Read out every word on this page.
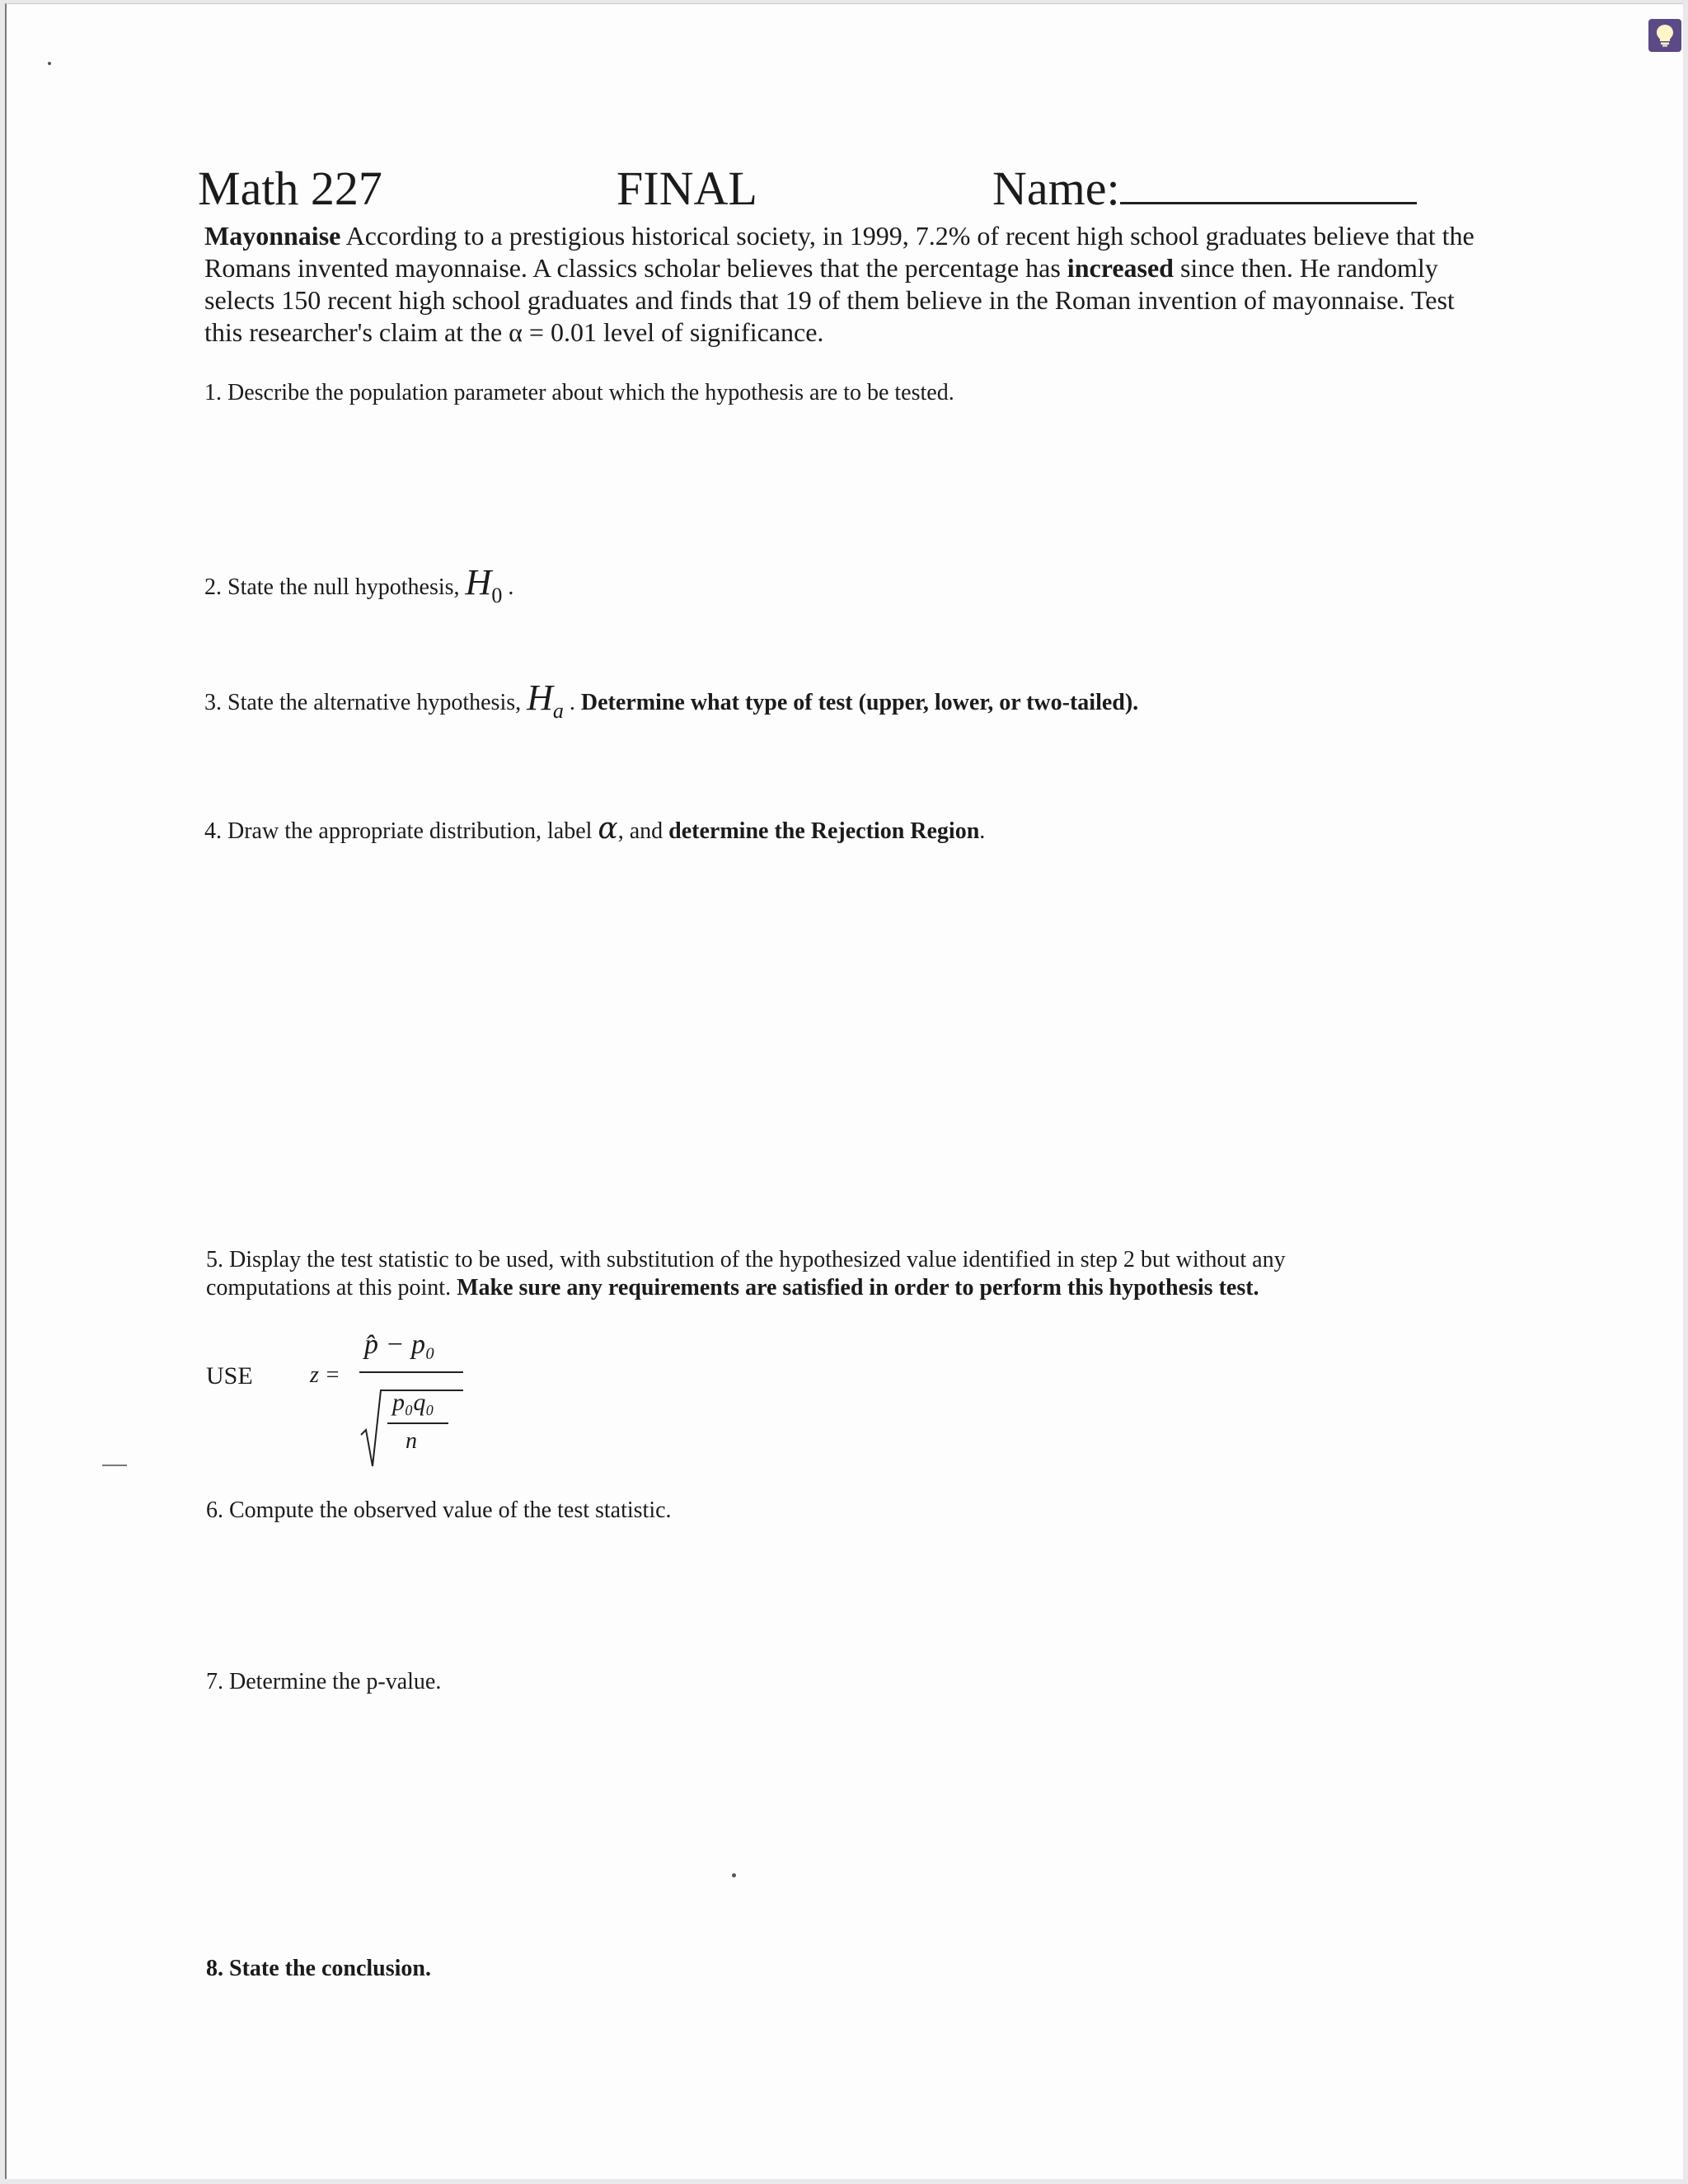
Math 227	FINAL	Name:
Mayonnaise According to a prestigious historical society, in 1999, 7.2% of recent high school graduates believe that the Romans invented mayonnaise. A classics scholar believes that the percentage has increased since then. He randomly selects 150 recent high school graduates and finds that 19 of them believe in the Roman invention of mayonnaise. Test this researcher's claim at the α = 0.01 level of significance.
1. Describe the population parameter about which the hypothesis are to be tested.
2. State the null hypothesis, H0 .
3. State the alternative hypothesis, Ha . Determine what type of test (upper, lower, or two-tailed).
4. Draw the appropriate distribution, label α, and determine the Rejection Region.
5. Display the test statistic to be used, with substitution of the hypothesized value identified in step 2 but without any
computations at this point. Make sure any requirements are satisfied in order to perform this hypothesis test.
USE z =
p̂ − p₀
p₀q₀
n
6. Compute the observed value of the test statistic.
7. Determine the p-value.
8. State the conclusion.
